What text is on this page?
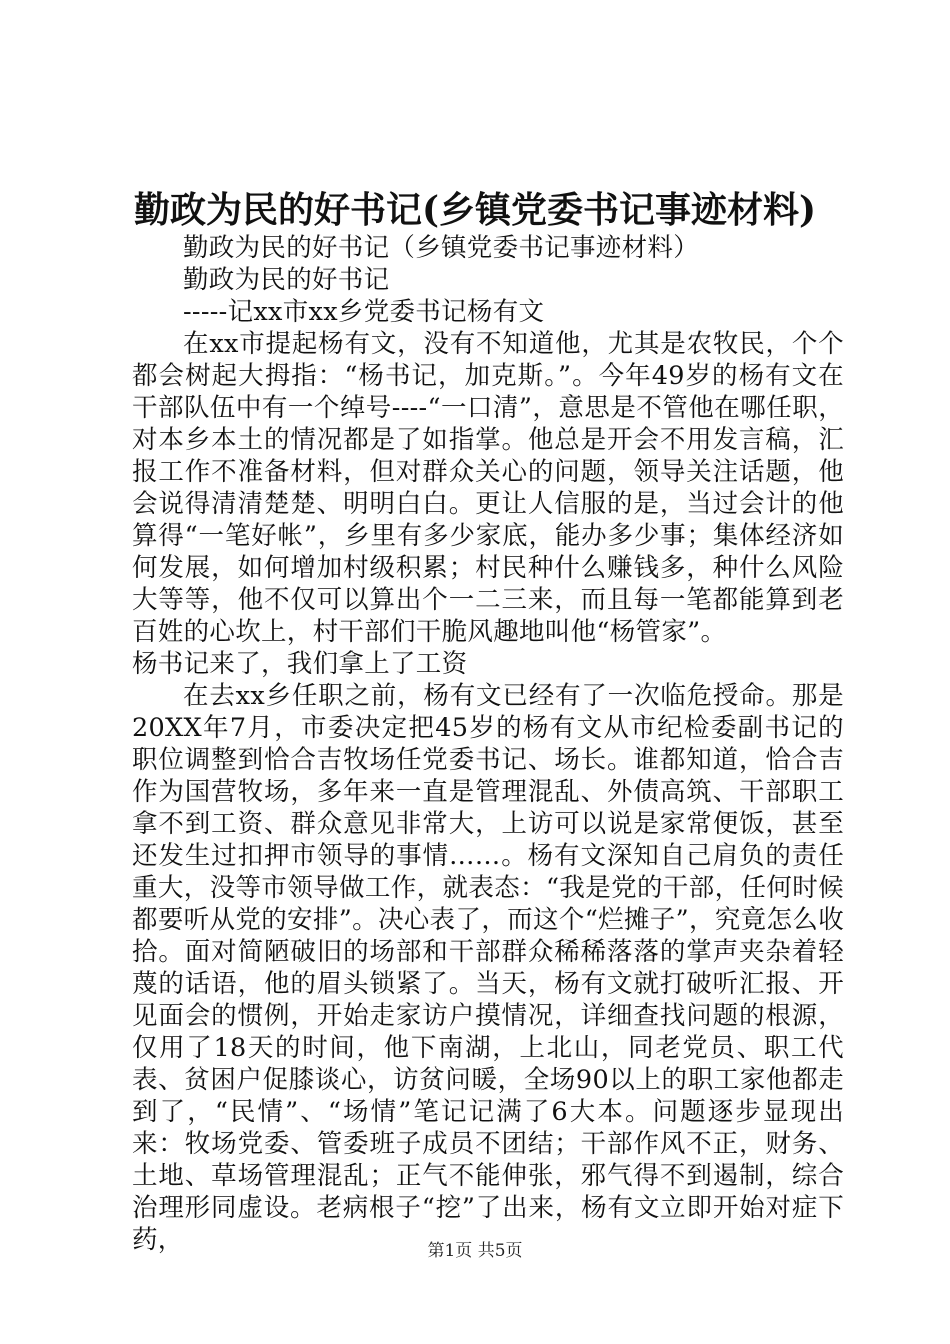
勤政为民的好书记(乡镇党委书记事迹材料)

勤政为民的好书记（乡镇党委书记事迹材料）

勤政为民的好书记

-----记xx市xx乡党委书记杨有文

在xx市提起杨有文，没有不知道他，尤其是农牧民，个个都会树起大拇指：“杨书记，加克斯。”。今年49岁的杨有文在干部队伍中有一个绰号----“一口清”，意思是不管他在哪任职，对本乡本土的情况都是了如指掌。他总是开会不用发言稿，汇报工作不准备材料，但对群众关心的问题，领导关注话题，他会说得清清楚楚、明明白白。更让人信服的是，当过会计的他算得“一笔好帐”，乡里有多少家底，能办多少事；集体经济如何发展，如何增加村级积累；村民种什么赚钱多，种什么风险大等等，他不仅可以算出个一二三来，而且每一笔都能算到老百姓的心坎上，村干部们干脆风趣地叫他“杨管家”。

杨书记来了，我们拿上了工资

在去xx乡任职之前，杨有文已经有了一次临危授命。那是20XX年7月，市委决定把45岁的杨有文从市纪检委副书记的职位调整到恰合吉牧场任党委书记、场长。谁都知道，恰合吉作为国营牧场，多年来一直是管理混乱、外债高筑、干部职工拿不到工资、群众意见非常大，上访可以说是家常便饭，甚至还发生过扣押市领导的事情……。杨有文深知自己肩负的责任重大，没等市领导做工作，就表态：“我是党的干部，任何时候都要听从党的安排”。决心表了，而这个“烂摊子”，究竟怎么收拾。面对简陋破旧的场部和干部群众稀稀落落的掌声夹杂着轻蔑的话语，他的眉头锁紧了。当天，杨有文就打破听汇报、开见面会的惯例，开始走家访户摸情况，详细查找问题的根源，仅用了18天的时间，他下南湖，上北山，同老党员、职工代表、贫困户促膝谈心，访贫问暖，全场90以上的职工家他都走到了，“民情”、“场情”笔记记满了6大本。问题逐步显现出来：牧场党委、管委班子成员不团结；干部作风不正，财务、土地、草场管理混乱；正气不能伸张，邪气得不到遏制，综合治理形同虚设。老病根子“挖”了出来，杨有文立即开始对症下药，	第1页 共5页
